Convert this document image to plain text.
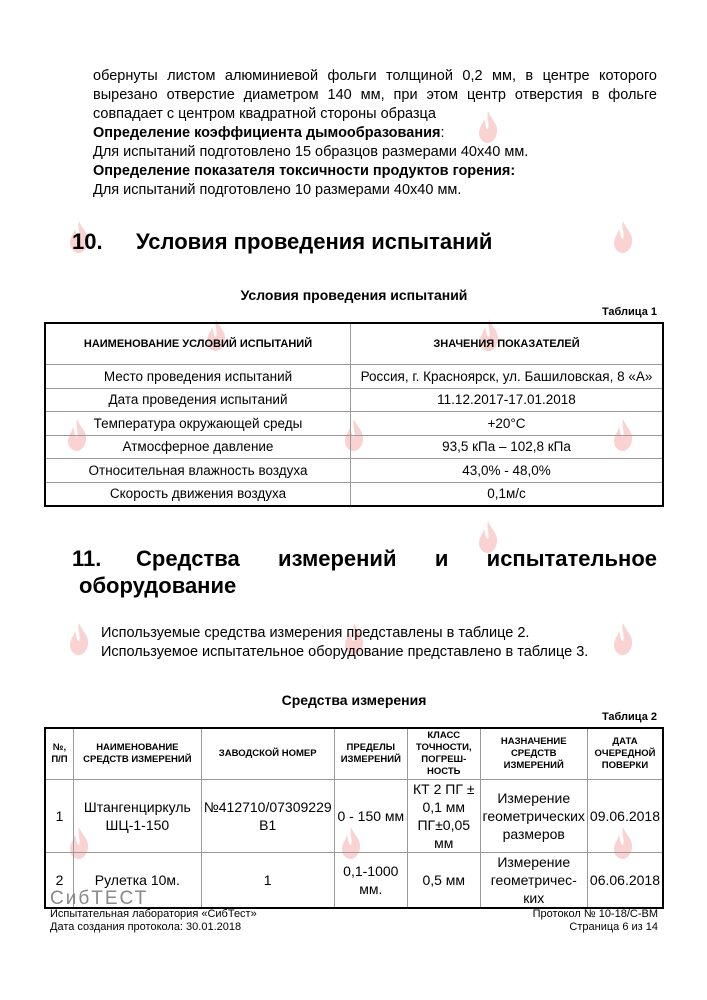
обернуты листом алюминиевой фольги толщиной 0,2 мм, в центре которого
вырезано отверстие диаметром 140 мм, при этом центр отверстия в фольге
совпадает с центром квадратной стороны образца
Определение коэффициента дымообразования:
Для испытаний подготовлено 15 образцов размерами 40х40 мм.
Определение показателя токсичности продуктов горения:
Для испытаний подготовлено 10 размерами 40х40 мм.
10. Условия проведения испытаний
Условия проведения испытаний
Таблица 1
НАИМЕНОВАНИЕ УСЛОВИЙ ИСПЫТАНИЙ	ЗНАЧЕНИЯ ПОКАЗАТЕЛЕЙ
Место проведения испытаний	Россия, г. Красноярск, ул. Башиловская, 8 «А»
Дата проведения испытаний	11.12.2017-17.01.2018
Температура окружающей среды	+20°С
Атмосферное давление	93,5 кПа – 102,8 кПа
Относительная влажность воздуха	43,0% - 48,0%
Скорость движения воздуха	0,1м/с
11. Средства измерений и испытательное
оборудование
Используемые средства измерения представлены в таблице 2.
Используемое испытательное оборудование представлено в таблице 3.
Средства измерения
Таблица 2
№, П/П	НАИМЕНОВАНИЕ СРЕДСТВ ИЗМЕРЕНИЙ	ЗАВОДСКОЙ НОМЕР	ПРЕДЕЛЫ ИЗМЕРЕНИЙ	КЛАСС ТОЧНОСТИ, ПОГРЕШ-НОСТЬ	НАЗНАЧЕНИЕ СРЕДСТВ ИЗМЕРЕНИЙ	ДАТА ОЧЕРЕДНОЙ ПОВЕРКИ
1	Штангенциркуль ШЦ-1-150	№412710/07309229 В1	0 - 150 мм	КТ 2 ПГ ± 0,1 мм ПГ±0,05 мм	Измерение геометрических размеров	09.06.2018
2	Рулетка 10м.	1	0,1-1000 мм.	0,5 мм	Измерение геометричес-ких	06.06.2018
СибТЕСТ
Испытательная лаборатория «СибТест»
Дата создания протокола: 30.01.2018
Протокол № 10-18/С-ВМ
Страница 6 из 14
